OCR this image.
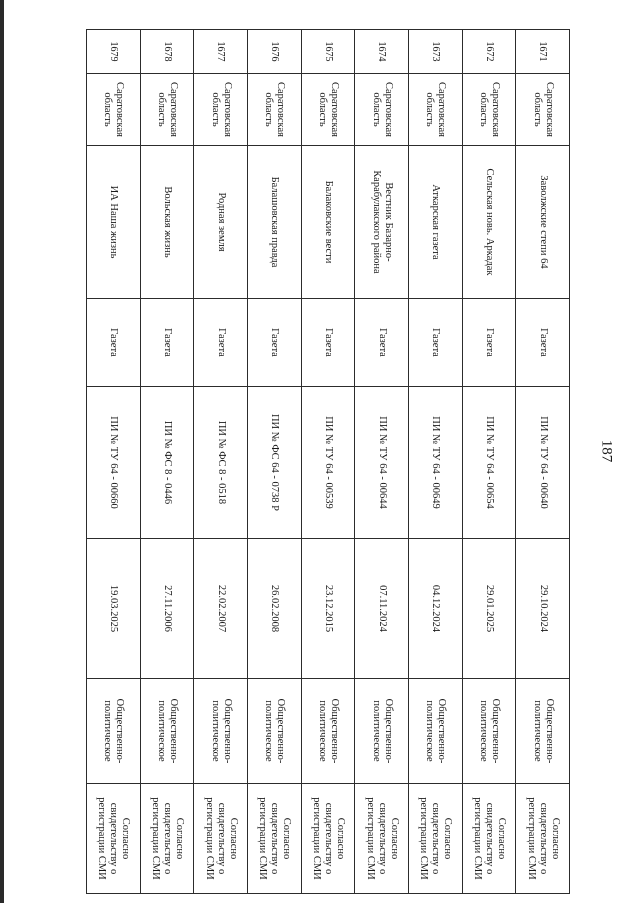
187
1671	Саратовская область	Заволжские степи 64	Газета	ПИ № ТУ 64 - 00640	29.10.2024	Общественно-политическое	Согласно свидетельству о регистрации СМИ
1672	Саратовская область	Сельская новь. Аркадак	Газета	ПИ № ТУ 64 - 00654	29.01.2025	Общественно-политическое	Согласно свидетельству о регистрации СМИ
1673	Саратовская область	Аткарская газета	Газета	ПИ № ТУ 64 - 00649	04.12.2024	Общественно-политическое	Согласно свидетельству о регистрации СМИ
1674	Саратовская область	Вестник Базарно-Карабулакского района	Газета	ПИ № ТУ 64 - 00644	07.11.2024	Общественно-политическое	Согласно свидетельству о регистрации СМИ
1675	Саратовская область	Балаковские вести	Газета	ПИ № ТУ 64 - 00539	23.12.2015	Общественно-политическое	Согласно свидетельству о регистрации СМИ
1676	Саратовская область	Балашовская правда	Газета	ПИ № ФС 64 - 0738 Р	26.02.2008	Общественно-политическое	Согласно свидетельству о регистрации СМИ
1677	Саратовская область	Родная земля	Газета	ПИ № ФС 8 - 0518	22.02.2007	Общественно-политическое	Согласно свидетельству о регистрации СМИ
1678	Саратовская область	Вольская жизнь	Газета	ПИ № ФС 8 - 0446	27.11.2006	Общественно-политическое	Согласно свидетельству о регистрации СМИ
1679	Саратовская область	ИА Наша жизнь	Газета	ПИ № ТУ 64 - 00660	19.03.2025	Общественно-политическое	Согласно свидетельству о регистрации СМИ
